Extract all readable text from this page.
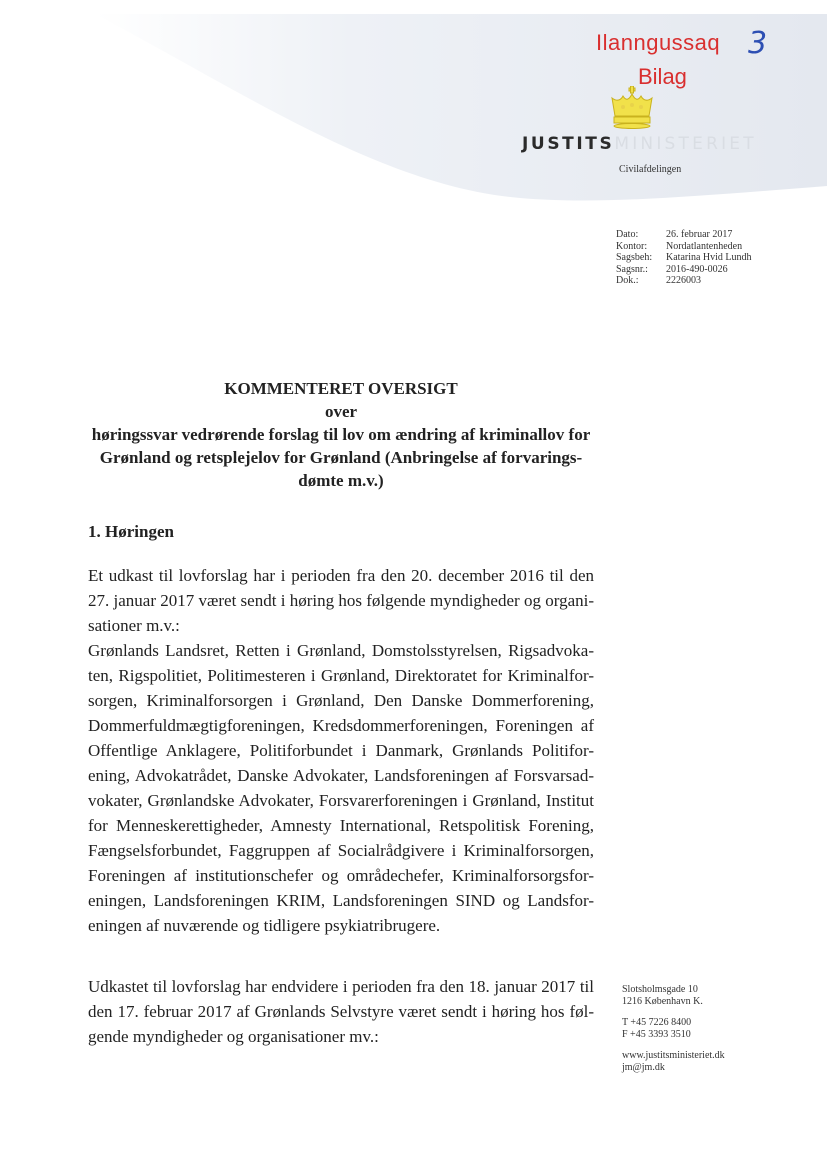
Ilanngussaq 3
Bilag
JUSTITSMINISTERIET
Civilafdelingen
Dato:	26. februar 2017
Kontor:	Nordatlantenheden
Sagsbeh:	Katarina Hvid Lundh
Sagsnr.:	2016-490-0026
Dok.:	2226003
KOMMENTERET OVERSIGT
over
høringssvar vedrørende forslag til lov om ændring af kriminallov for
Grønland og retsplejelov for Grønland (Anbringelse af forvarings-
dømte m.v.)
1. Høringen
Et udkast til lovforslag har i perioden fra den 20. december 2016 til den
27. januar 2017 været sendt i høring hos følgende myndigheder og organi-
sationer m.v.:
Grønlands Landsret, Retten i Grønland, Domstolsstyrelsen, Rigsadvoka-
ten, Rigspolitiet, Politimesteren i Grønland, Direktoratet for Kriminalfor-
sorgen, Kriminalforsorgen i Grønland, Den Danske Dommerforening,
Dommerfuldmægtigforeningen, Kredsdommerforeningen, Foreningen af
Offentlige Anklagere, Politiforbundet i Danmark, Grønlands Politifor-
ening, Advokatrådet, Danske Advokater, Landsforeningen af Forsvarsad-
vokater, Grønlandske Advokater, Forsvarerforeningen i Grønland, Institut
for Menneskerettigheder, Amnesty International, Retspolitisk Forening,
Fængselsforbundet, Faggruppen af Socialrådgivere i Kriminalforsorgen,
Foreningen af institutionschefer og områdechefer, Kriminalforsorgsfor-
eningen, Landsforeningen KRIM, Landsforeningen SIND og Landsfor-
eningen af nuværende og tidligere psykiatribrugere.
Udkastet til lovforslag har endvidere i perioden fra den 18. januar 2017 til
den 17. februar 2017 af Grønlands Selvstyre været sendt i høring hos føl-
gende myndigheder og organisationer mv.:
Slotsholmsgade 10
1216 København K.
T +45 7226 8400
F +45 3393 3510
www.justitsministeriet.dk
jm@jm.dk
